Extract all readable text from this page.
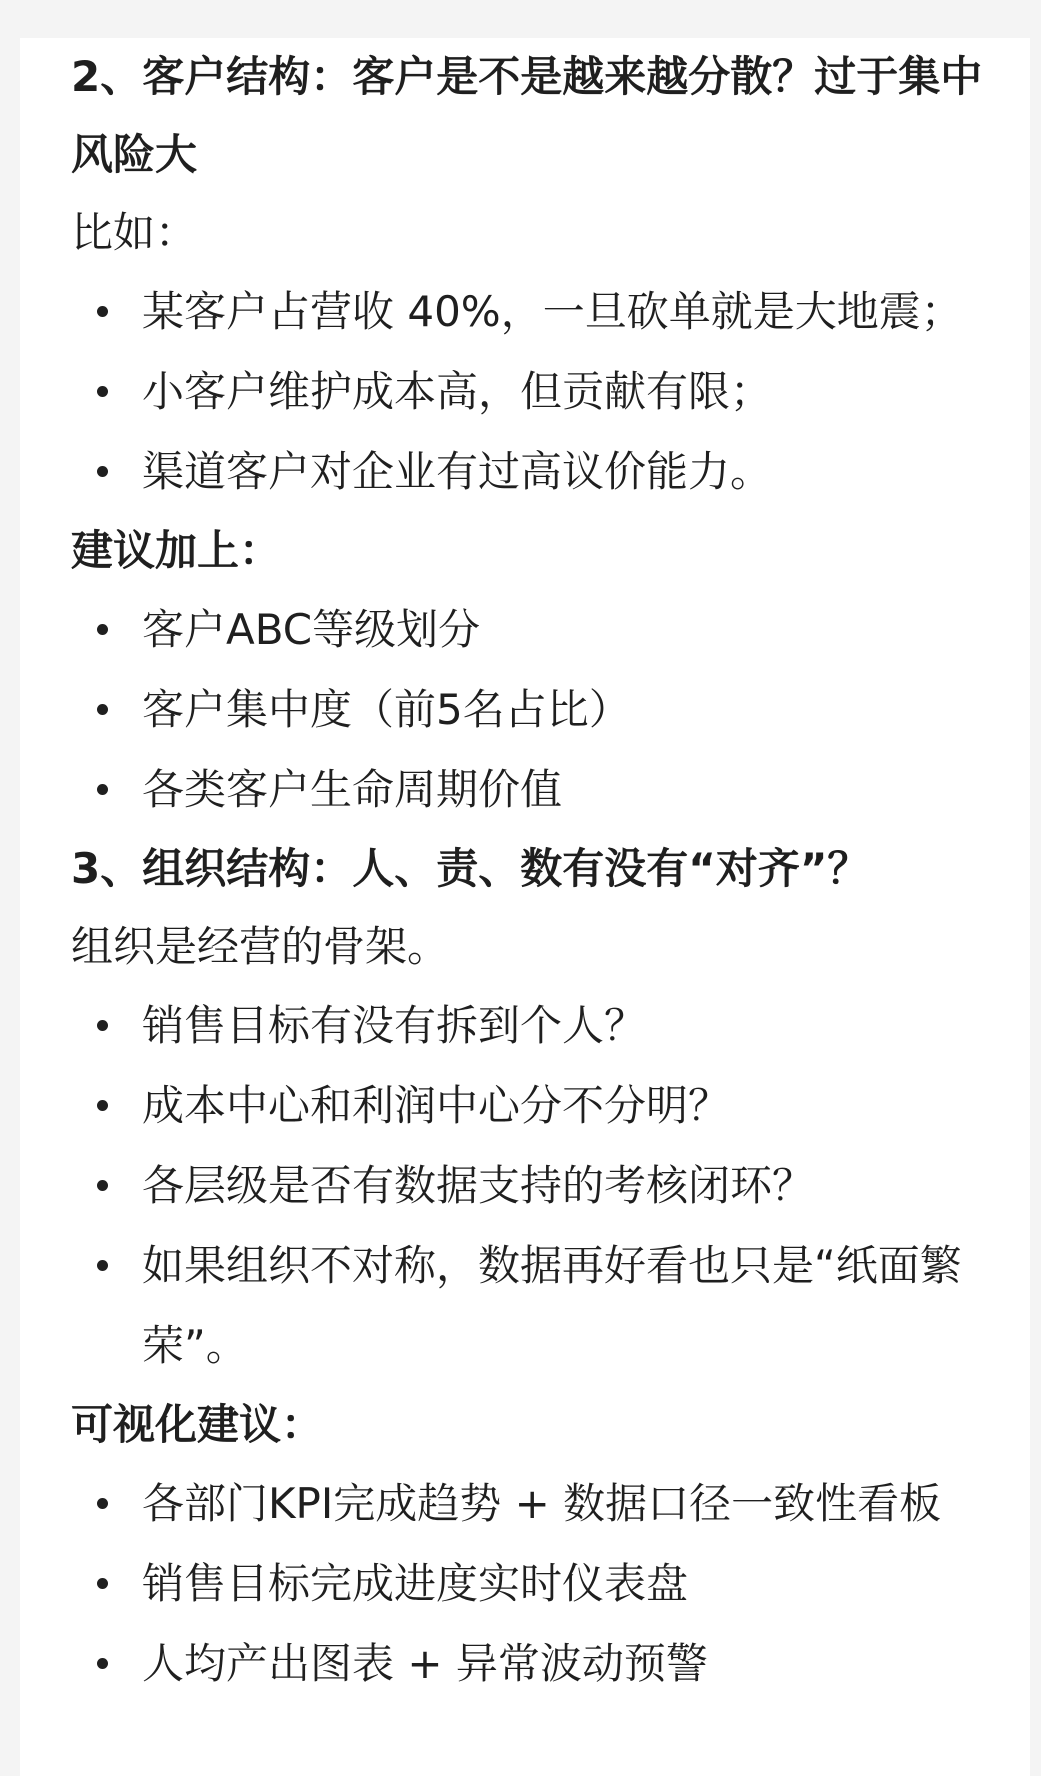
2、客户结构：客户是不是越来越分散？过于集中风险大

比如：

某客户占营收 40%，一旦砍单就是大地震；
小客户维护成本高，但贡献有限；
渠道客户对企业有过高议价能力。

建议加上：

客户ABC等级划分
客户集中度（前5名占比）
各类客户生命周期价值

3、组织结构：人、责、数有没有“对齐”？

组织是经营的骨架。

销售目标有没有拆到个人？
成本中心和利润中心分不分明？
各层级是否有数据支持的考核闭环？
如果组织不对称，数据再好看也只是“纸面繁荣”。

可视化建议：

各部门KPI完成趋势 + 数据口径一致性看板
销售目标完成进度实时仪表盘
人均产出图表 + 异常波动预警
